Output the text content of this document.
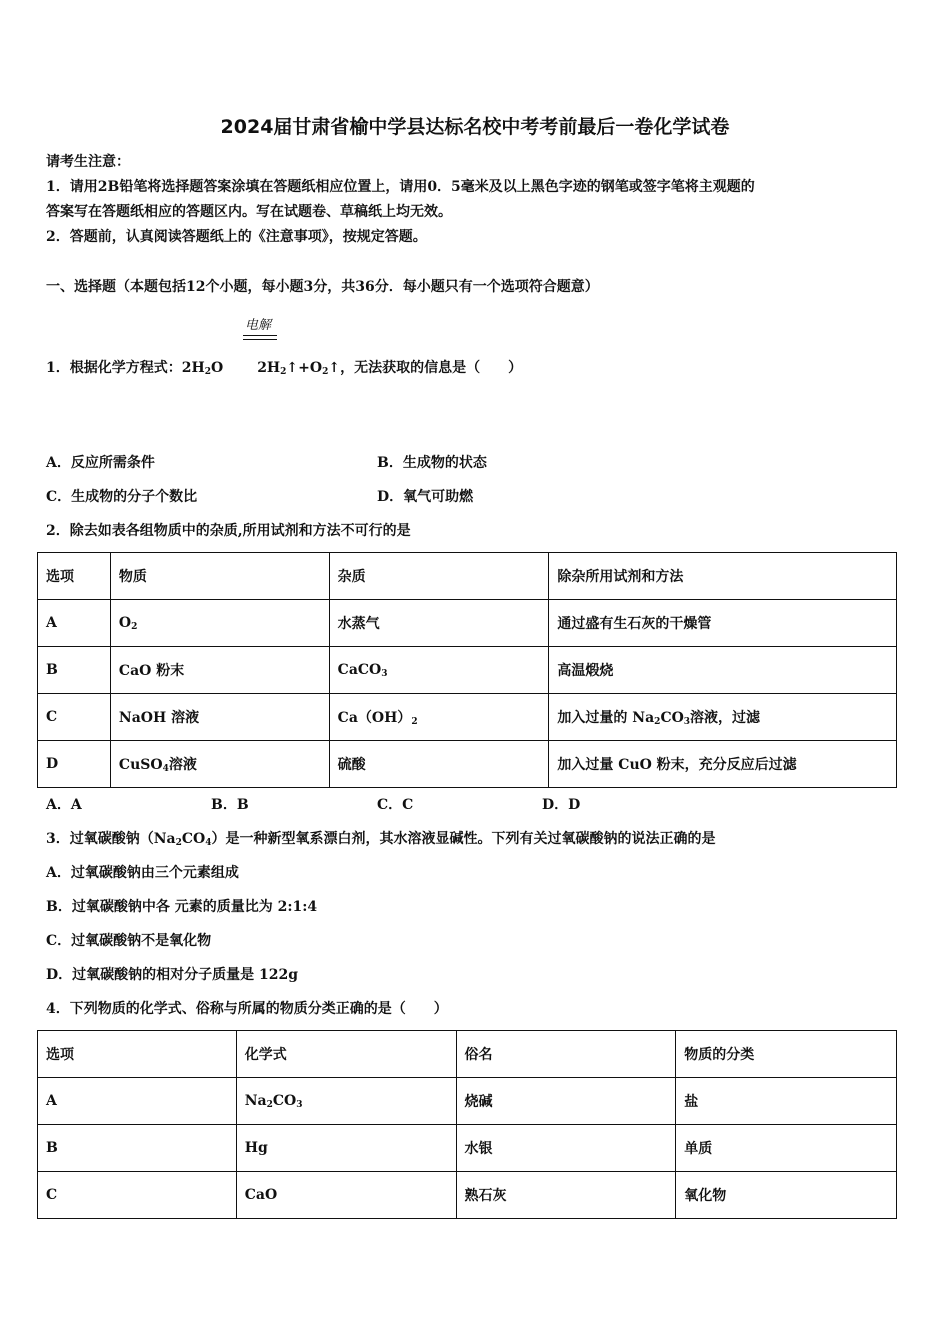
2024届甘肃省榆中学县达标名校中考考前最后一卷化学试卷
请考生注意：
1．请用2B铅笔将选择题答案涂填在答题纸相应位置上，请用0．5毫米及以上黑色字迹的钢笔或签字笔将主观题的
答案写在答题纸相应的答题区内。写在试题卷、草稿纸上均无效。
2．答题前，认真阅读答题纸上的《注意事项》，按规定答题。
一、选择题（本题包括12个小题，每小题3分，共36分．每小题只有一个选项符合题意）
电解
1．根据化学方程式：$2H_2O$ $2H_2↑+O_2↑$，无法获取的信息是（　　）
A．反应所需条件	B．生成物的状态
C．生成物的分子个数比	D．氧气可助燃
2．除去如表各组物质中的杂质,所用试剂和方法不可行的是
选项	物质	杂质	除杂所用试剂和方法
A	$O_2$	水蒸气	通过盛有生石灰的干燥管
B	CaO 粉末	CaCO$_3$	高温煅烧
C	NaOH 溶液	$Ca(OH)_2$	加入过量的 $Na_2CO_3$溶液，过滤
D	CuSO$_4$溶液	硫酸	加入过量 CuO 粉末，充分反应后过滤
A．A	B．B	C．C	D．D
3．过氧碳酸钠$(Na_2CO_4)$是一种新型氧系漂白剂，其水溶液显碱性。下列有关过氧碳酸钠的说法正确的是
A．过氧碳酸钠由三个元素组成
B．过氧碳酸钠中各 元素的质量比为 2:1:4
C．过氧碳酸钠不是氧化物
D．过氧碳酸钠的相对分子质量是 122g
4．下列物质的化学式、俗称与所属的物质分类正确的是（　　）
选项	化学式	俗名	物质的分类
A	$Na_2CO_3$	烧碱	盐
B	Hg	水银	单质
C	CaO	熟石灰	氧化物
